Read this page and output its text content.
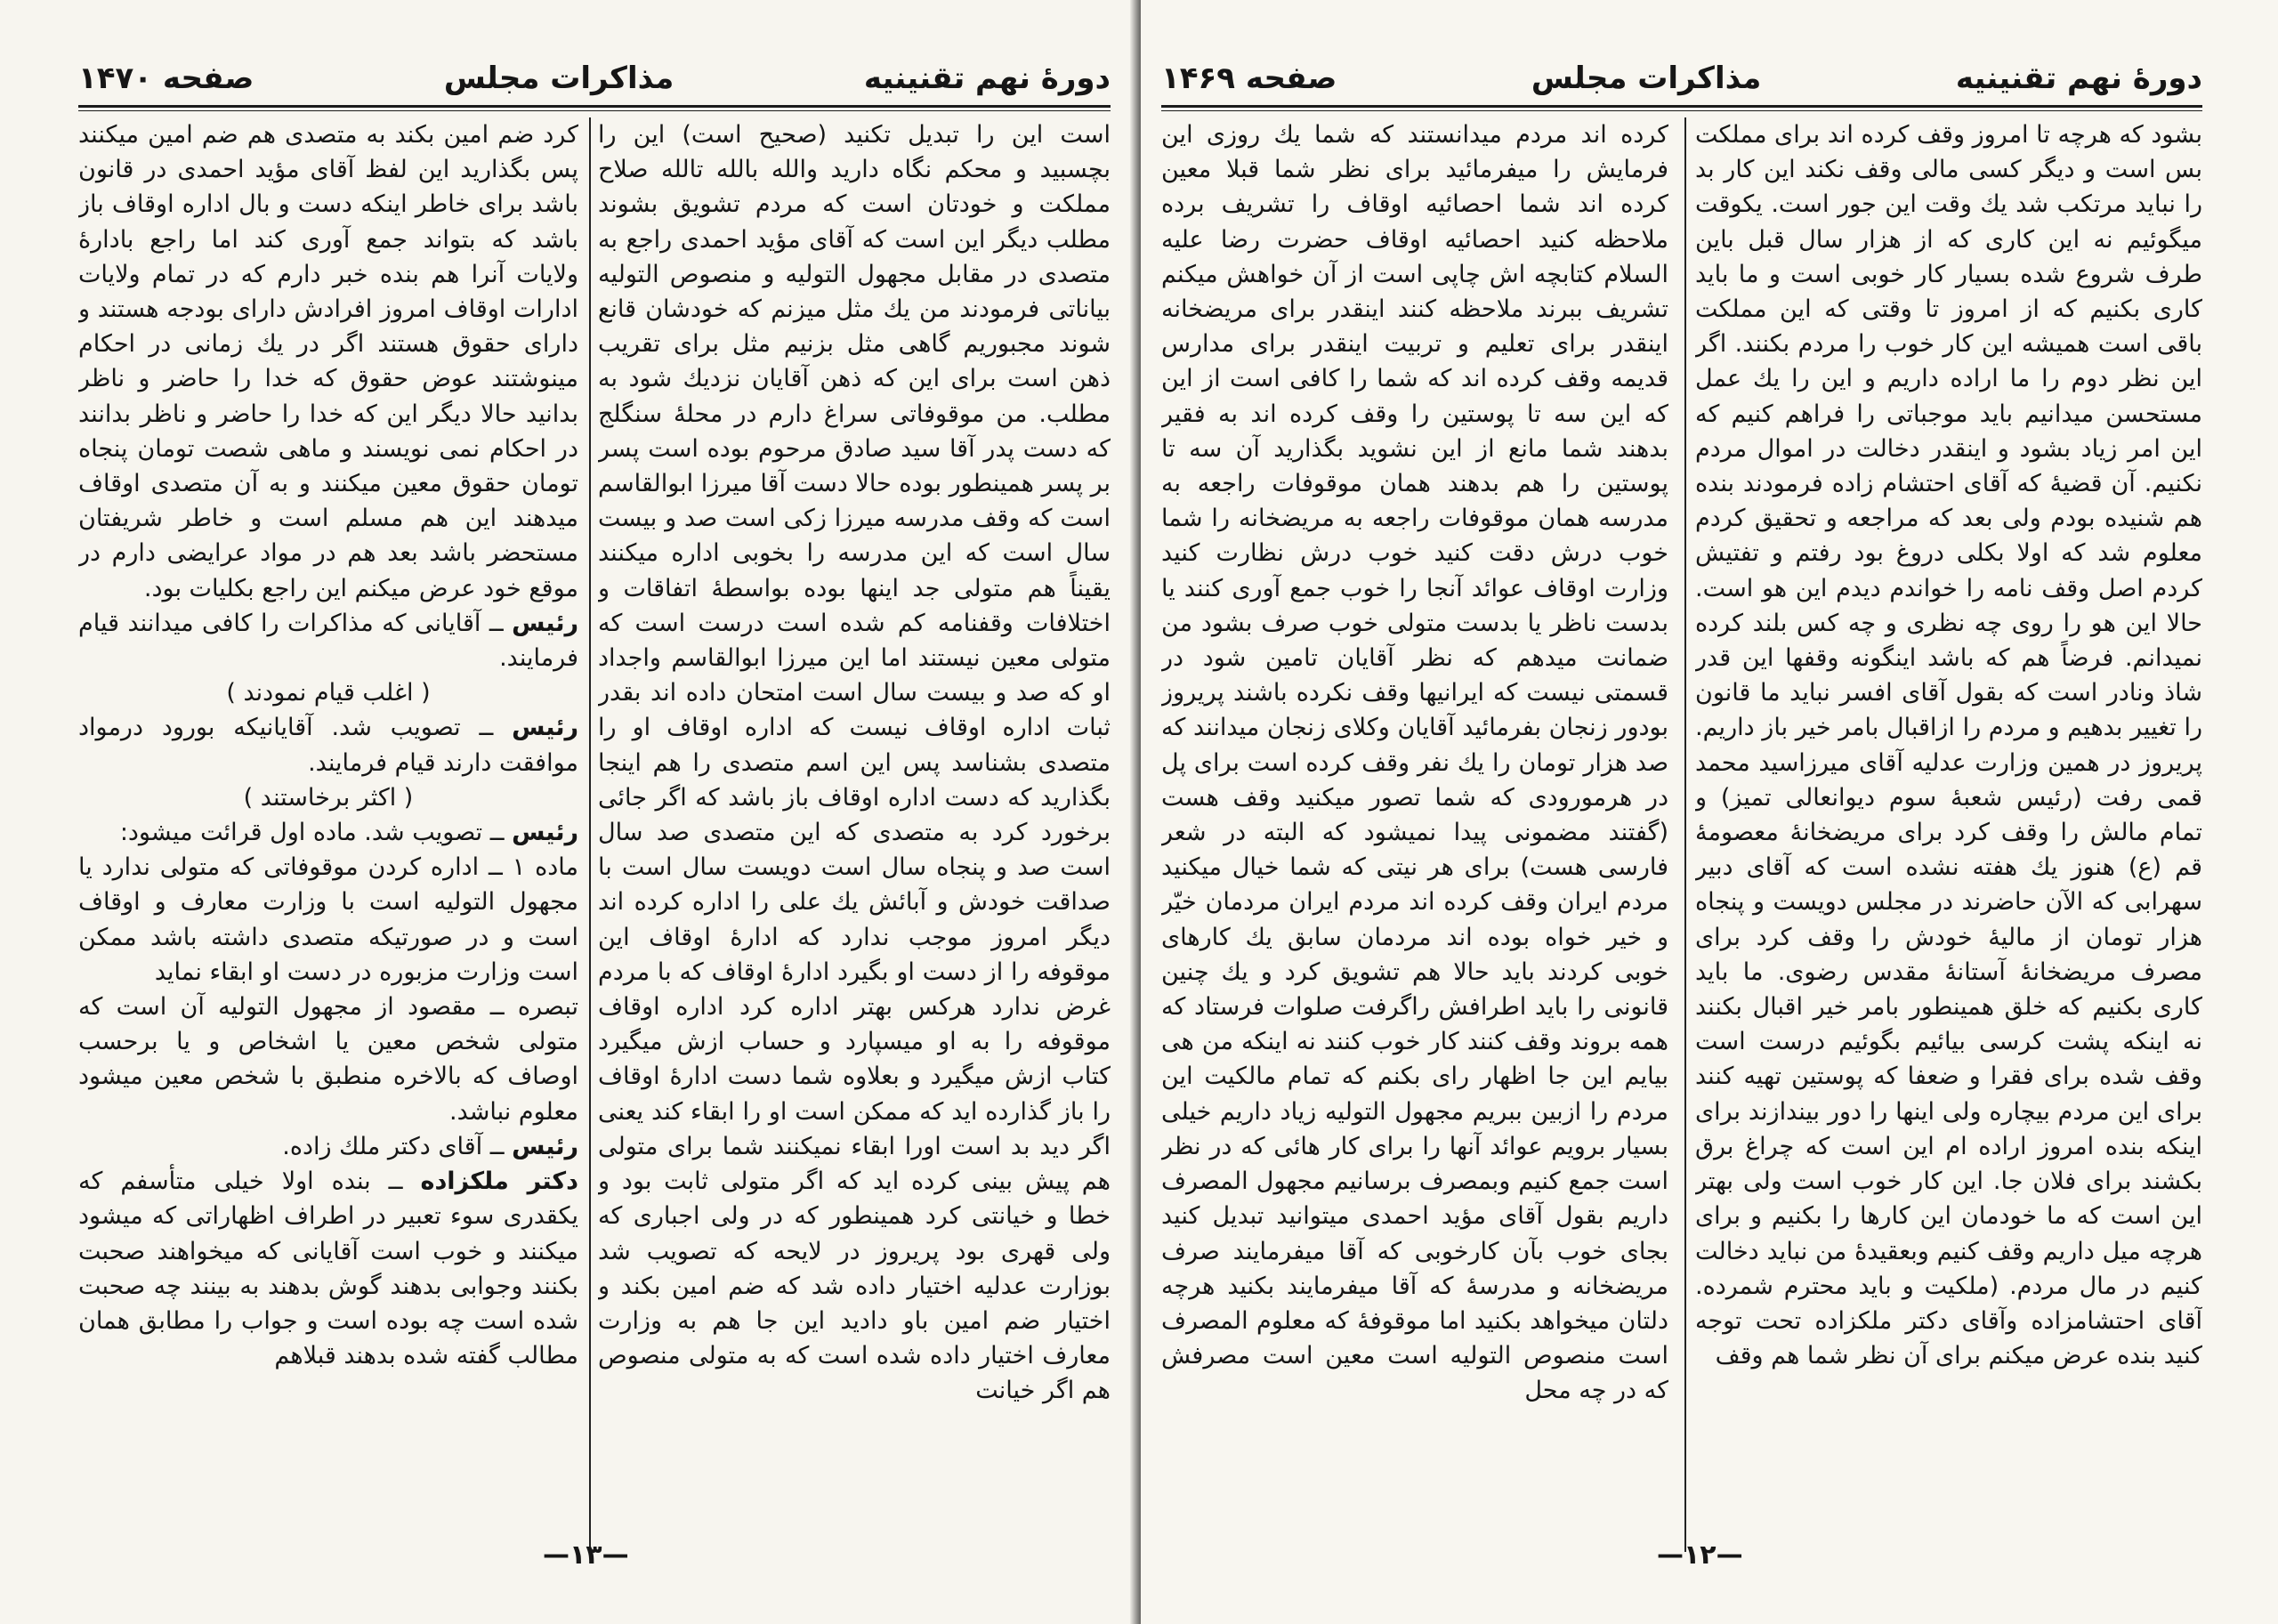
دورهٔ نهم تقنینیه
مذاکرات مجلس
صفحه ۱۴۷۰

است این را تبدیل تکنید (صحیح است) این را بچسبید و محکم نگاه دارید والله بالله تالله صلاح مملکت و خودتان است که مردم تشویق بشوند مطلب دیگر این است که آقای مؤید احمدی راجع به متصدی در مقابل مجهول التولیه و منصوص التولیه بیاناتی فرمودند من یك مثل میزنم که خودشان قانع شوند مجبوریم گاهی مثل بزنیم مثل برای تقریب ذهن است برای این که ذهن آقایان نزدیك شود به مطلب. من موقوفاتی سراغ دارم در محلهٔ سنگلج که دست پدر آقا سید صادق مرحوم بوده است پسر بر پسر همینطور بوده حالا دست آقا میرزا ابوالقاسم است که وقف مدرسه میرزا زکی است صد و بیست سال است که این مدرسه را بخوبی اداره میکنند یقیناً هم متولی جد اینها بوده بواسطهٔ اتفاقات و اختلافات وقفنامه کم شده است درست است که متولی معین نیستند اما این میرزا ابوالقاسم واجداد او که صد و بیست سال است امتحان داده اند بقدر ثبات اداره اوقاف نیست که اداره اوقاف او را متصدی بشناسد پس این اسم متصدی را هم اینجا بگذارید که دست اداره اوقاف باز باشد که اگر جائی برخورد کرد به متصدی که این متصدی صد سال است صد و پنجاه سال است دویست سال است با صداقت خودش و آبائش یك علی را اداره کرده اند دیگر امروز موجب ندارد که ادارهٔ اوقاف این موقوفه را از دست او بگیرد ادارهٔ اوقاف که با مردم غرض ندارد هرکس بهتر اداره کرد اداره اوقاف موقوفه را به او میسپارد و حساب ازش میگیرد کتاب ازش میگیرد و بعلاوه شما دست ادارهٔ اوقاف را باز گذارده اید که ممکن است او را ابقاء کند یعنی اگر دید بد است اورا ابقاء نمیکنند شما برای متولی هم پیش بینی کرده اید که اگر متولی ثابت بود و خطا و خیانتی کرد همینطور که در ولی اجباری که ولی قهری بود پریروز در لایحه که تصویب شد بوزارت عدلیه اختیار داده شد که ضم امین بکند و اختیار ضم امین باو دادید این جا هم به وزارت معارف اختیار داده شده است که به متولی منصوص هم اگر خیانت

کرد ضم امین بکند به متصدی هم ضم امین میکنند پس بگذارید این لفظ آقای مؤید احمدی در قانون باشد برای خاطر اینکه دست و بال اداره اوقاف باز باشد که بتواند جمع آوری کند اما راجع بادارهٔ ولایات آنرا هم بنده خبر دارم که در تمام ولایات ادارات اوقاف امروز افرادش دارای بودجه هستند و دارای حقوق هستند اگر در یك زمانی در احکام مینوشتند عوض حقوق که خدا را حاضر و ناظر بدانید حالا دیگر این که خدا را حاضر و ناظر بدانند در احکام نمی نویسند و ماهی شصت تومان پنجاه تومان حقوق معین میکنند و به آن متصدی اوقاف میدهند این هم مسلم است و خاطر شریفتان مستحضر باشد بعد هم در مواد عرایضی دارم در موقع خود عرض میکنم این راجع بکلیات بود.

رئیس ــ آقایانی که مذاکرات را کافی میدانند قیام فرمایند.

( اغلب قیام نمودند )

رئیس ــ تصویب شد. آقایانیکه بورود درمواد موافقت دارند قیام فرمایند.

( اکثر برخاستند )

رئیس ــ تصویب شد. ماده اول قرائت میشود:

ماده ۱ ــ اداره کردن موقوفاتی که متولی ندارد یا مجهول التولیه است با وزارت معارف و اوقاف است و در صورتیکه متصدی داشته باشد ممکن است وزارت مزبوره در دست او ابقاء نماید

تبصره ــ مقصود از مجهول التولیه آن است که متولی شخص معین یا اشخاص و یا برحسب اوصاف که بالاخره منطبق با شخص معین میشود معلوم نباشد.

رئیس ــ آقای دکتر ملك زاده.

دکتر ملکزاده ــ بنده اولا خیلی متأسفم که یکقدری سوء تعبیر در اطراف اظهاراتی که میشود میکنند و خوب است آقایانی که میخواهند صحبت بکنند وجوابی بدهند گوش بدهند به بینند چه صحبت شده است چه بوده است و جواب را مطابق همان مطالب گفته شده بدهند قبلاهم

—۱۳—
دورهٔ نهم تقنینیه
مذاکرات مجلس
صفحه ۱۴۶۹

بشود که هرچه تا امروز وقف کرده اند برای مملکت بس است و دیگر کسی مالی وقف نکند این کار بد را نباید مرتکب شد یك وقت این جور است. یکوقت میگوئیم نه این کاری که از هزار سال قبل باین طرف شروع شده بسیار کار خوبی است و ما باید کاری بکنیم که از امروز تا وقتی که این مملکت باقی است همیشه این کار خوب را مردم بکنند. اگر این نظر دوم را ما اراده داریم و این را یك عمل مستحسن میدانیم باید موجباتی را فراهم کنیم که این امر زیاد بشود و اینقدر دخالت در اموال مردم نکنیم. آن قضیهٔ که آقای احتشام زاده فرمودند بنده هم شنیده بودم ولی بعد که مراجعه و تحقیق کردم معلوم شد که اولا بکلی دروغ بود رفتم و تفتیش کردم اصل وقف نامه را خواندم دیدم این هو است. حالا این هو را روی چه نظری و چه کس بلند کرده نمیدانم. فرضاً هم که باشد اینگونه وقفها این قدر شاذ ونادر است که بقول آقای افسر نباید ما قانون را تغییر بدهیم و مردم را ازاقبال بامر خیر باز داریم. پریروز در همین وزارت عدلیه آقای میرزاسید محمد قمی رفت (رئیس شعبهٔ سوم دیوانعالی تمیز) و تمام مالش را وقف کرد برای مریضخانهٔ معصومهٔ قم (ع) هنوز یك هفته نشده است که آقای دبیر سهرابی که الآن حاضرند در مجلس دویست و پنجاه هزار تومان از مالیهٔ خودش را وقف کرد برای مصرف مریضخانهٔ آستانهٔ مقدس رضوی. ما باید کاری بکنیم که خلق همینطور بامر خیر اقبال بکنند نه اینکه پشت کرسی بیائیم بگوئیم درست است وقف شده برای فقرا و ضعفا که پوستین تهیه کنند برای این مردم بیچاره ولی اینها را دور بیندازند برای اینکه بنده امروز اراده ام این است که چراغ برق بکشند برای فلان جا. این کار خوب است ولی بهتر این است که ما خودمان این کارها را بکنیم و برای هرچه میل داریم وقف کنیم وبعقیدهٔ من نباید دخالت کنیم در مال مردم. (ملکیت و باید محترم شمرده. آقای احتشامزاده وآقای دکتر ملکزاده تحت توجه کنید بنده عرض میکنم برای آن نظر شما هم وقف

کرده اند مردم میدانستند که شما یك روزی این فرمایش را میفرمائید برای نظر شما قبلا معین کرده اند شما احصائیه اوقاف را تشریف برده ملاحظه کنید احصائیه اوقاف حضرت رضا علیه السلام کتابچه اش چاپی است از آن خواهش میکنم تشریف ببرند ملاحظه کنند اینقدر برای مریضخانه اینقدر برای تعلیم و تربیت اینقدر برای مدارس قدیمه وقف کرده اند که شما را کافی است از این که این سه تا پوستین را وقف کرده اند به فقیر بدهند شما مانع از این نشوید بگذارید آن سه تا پوستین را هم بدهند همان موقوفات راجعه به مدرسه همان موقوفات راجعه به مریضخانه را شما خوب درش دقت کنید خوب درش نظارت کنید وزارت اوقاف عوائد آنجا را خوب جمع آوری کنند یا بدست ناظر یا بدست متولی خوب صرف بشود من ضمانت میدهم که نظر آقایان تامین شود در قسمتی نیست که ایرانیها وقف نکرده باشند پریروز بودور زنجان بفرمائید آقایان وکلای زنجان میدانند که صد هزار تومان را یك نفر وقف کرده است برای پل در هرمورودی که شما تصور میکنید وقف هست (گفتند مضمونی پیدا نمیشود که البته در شعر فارسی هست) برای هر نیتی که شما خیال میکنید مردم ایران وقف کرده اند مردم ایران مردمان خیّر و خیر خواه بوده اند مردمان سابق یك کارهای خوبی کردند باید حالا هم تشویق کرد و یك چنین قانونی را باید اطرافش راگرفت صلوات فرستاد که همه بروند وقف کنند کار خوب کنند نه اینکه من هی بیایم این جا اظهار رای بکنم که تمام مالکیت این مردم را ازبین ببریم مجهول التولیه زیاد داریم خیلی بسیار برویم عوائد آنها را برای کار هائی که در نظر است جمع کنیم وبمصرف برسانیم مجهول المصرف داریم بقول آقای مؤید احمدی میتوانید تبدیل کنید بجای خوب بآن کارخوبی که آقا میفرمایند صرف مریضخانه و مدرسهٔ که آقا میفرمایند بکنید هرچه دلتان میخواهد بکنید اما موقوفهٔ که معلوم المصرف است منصوص التولیه است معین است مصرفش که در چه محل

—۱۲—
